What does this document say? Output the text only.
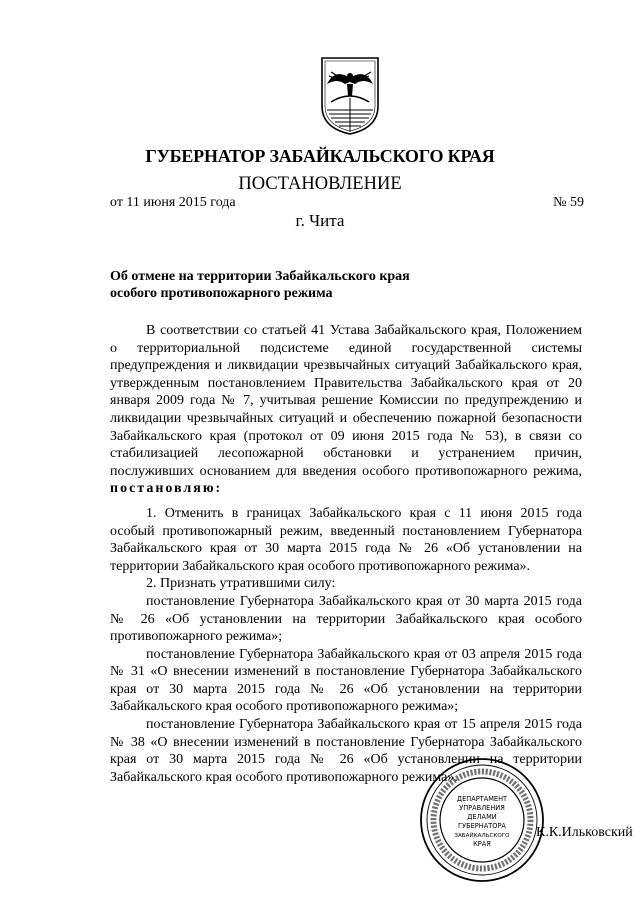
ГУБЕРНАТОР ЗАБАЙКАЛЬСКОГО КРАЯ
ПОСТАНОВЛЕНИЕ
от 11 июня 2015 года	№ 59
г. Чита
Об отмене на территории Забайкальского края
особого противопожарного режима

В соответствии со статьей 41 Устава Забайкальского края, Положением о территориальной подсистеме единой государственной системы предупреждения и ликвидации чрезвычайных ситуаций Забайкальского края, утвержденным постановлением Правительства Забайкальского края от 20 января 2009 года № 7, учитывая решение Комиссии по предупреждению и ликвидации чрезвычайных ситуаций и обеспечению пожарной безопасности Забайкальского края (протокол от 09 июня 2015 года № 53), в связи со стабилизацией лесопожарной обстановки и устранением причин, послуживших основанием для введения особого противопожарного режима, постановляю:

1. Отменить в границах Забайкальского края с 11 июня 2015 года особый противопожарный режим, введенный постановлением Губернатора Забайкальского края от 30 марта 2015 года № 26 «Об установлении на территории Забайкальского края особого противопожарного режима».

2. Признать утратившими силу:

постановление Губернатора Забайкальского края от 30 марта 2015 года № 26 «Об установлении на территории Забайкальского края особого противопожарного режима»;

постановление Губернатора Забайкальского края от 03 апреля 2015 года № 31 «О внесении изменений в постановление Губернатора Забайкальского края от 30 марта 2015 года № 26 «Об установлении на территории Забайкальского края особого противопожарного режима»;

постановление Губернатора Забайкальского края от 15 апреля 2015 года № 38 «О внесении изменений в постановление Губернатора Забайкальского края от 30 марта 2015 года № 26 «Об установлении на территории Забайкальского края особого противопожарного режима».

К.К.Ильковский
ДЕПАРТАМЕНТ
УПРАВЛЕНИЯ
ДЕЛАМИ
ГУБЕРНАТОРА
ЗАБАЙКАЛЬСКОГО
КРАЯ
